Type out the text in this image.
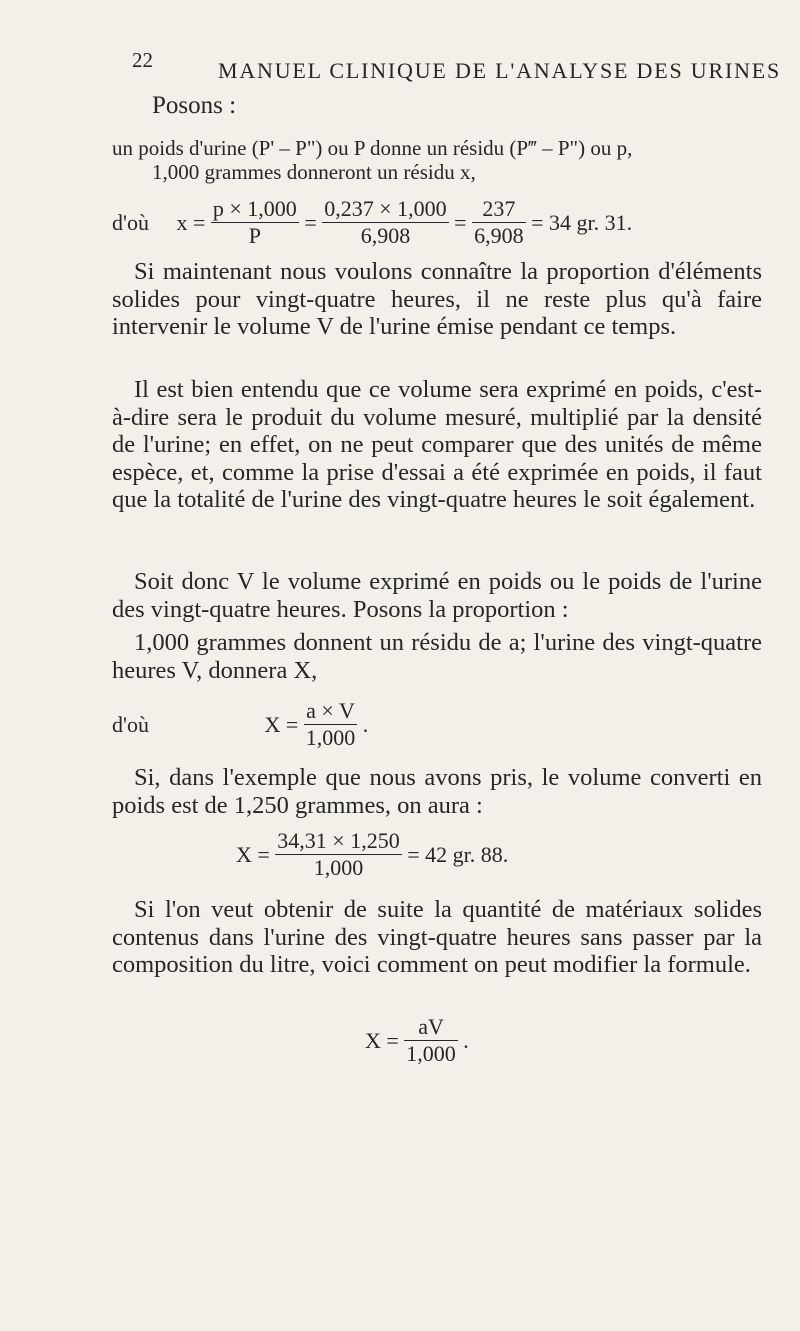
22	MANUEL CLINIQUE DE L'ANALYSE DES URINES
Posons :
un poids d'urine (P' – P") ou P donne un résidu (P‴ – P") ou p,
1,000 grammes donneront un résidu x,
d'où $x = \frac{p \times 1,000}{P} = \frac{0,237 \times 1,000}{6,908} = \frac{237}{6,908} = 34$ gr. 31.

Si maintenant nous voulons connaître la proportion d'éléments solides pour vingt-quatre heures, il ne reste plus qu'à faire intervenir le volume V de l'urine émise pendant ce temps.

Il est bien entendu que ce volume sera exprimé en poids, c'est-à-dire sera le produit du volume mesuré, multiplié par la densité de l'urine; en effet, on ne peut comparer que des unités de même espèce, et, comme la prise d'essai a été exprimée en poids, il faut que la totalité de l'urine des vingt-quatre heures le soit également.

Soit donc V le volume exprimé en poids ou le poids de l'urine des vingt-quatre heures. Posons la proportion :

1,000 grammes donnent un résidu de a; l'urine des vingt-quatre heures V, donnera X,

d'où	$X = \frac{a \times V}{1,000}$ .

Si, dans l'exemple que nous avons pris, le volume converti en poids est de 1,250 grammes, on aura :

$X = \frac{34,31 \times 1,250}{1,000} = 42$ gr. 88.

Si l'on veut obtenir de suite la quantité de matériaux solides contenus dans l'urine des vingt-quatre heures sans passer par la composition du litre, voici comment on peut modifier la formule.

$X = \frac{aV}{1,000}$ .
